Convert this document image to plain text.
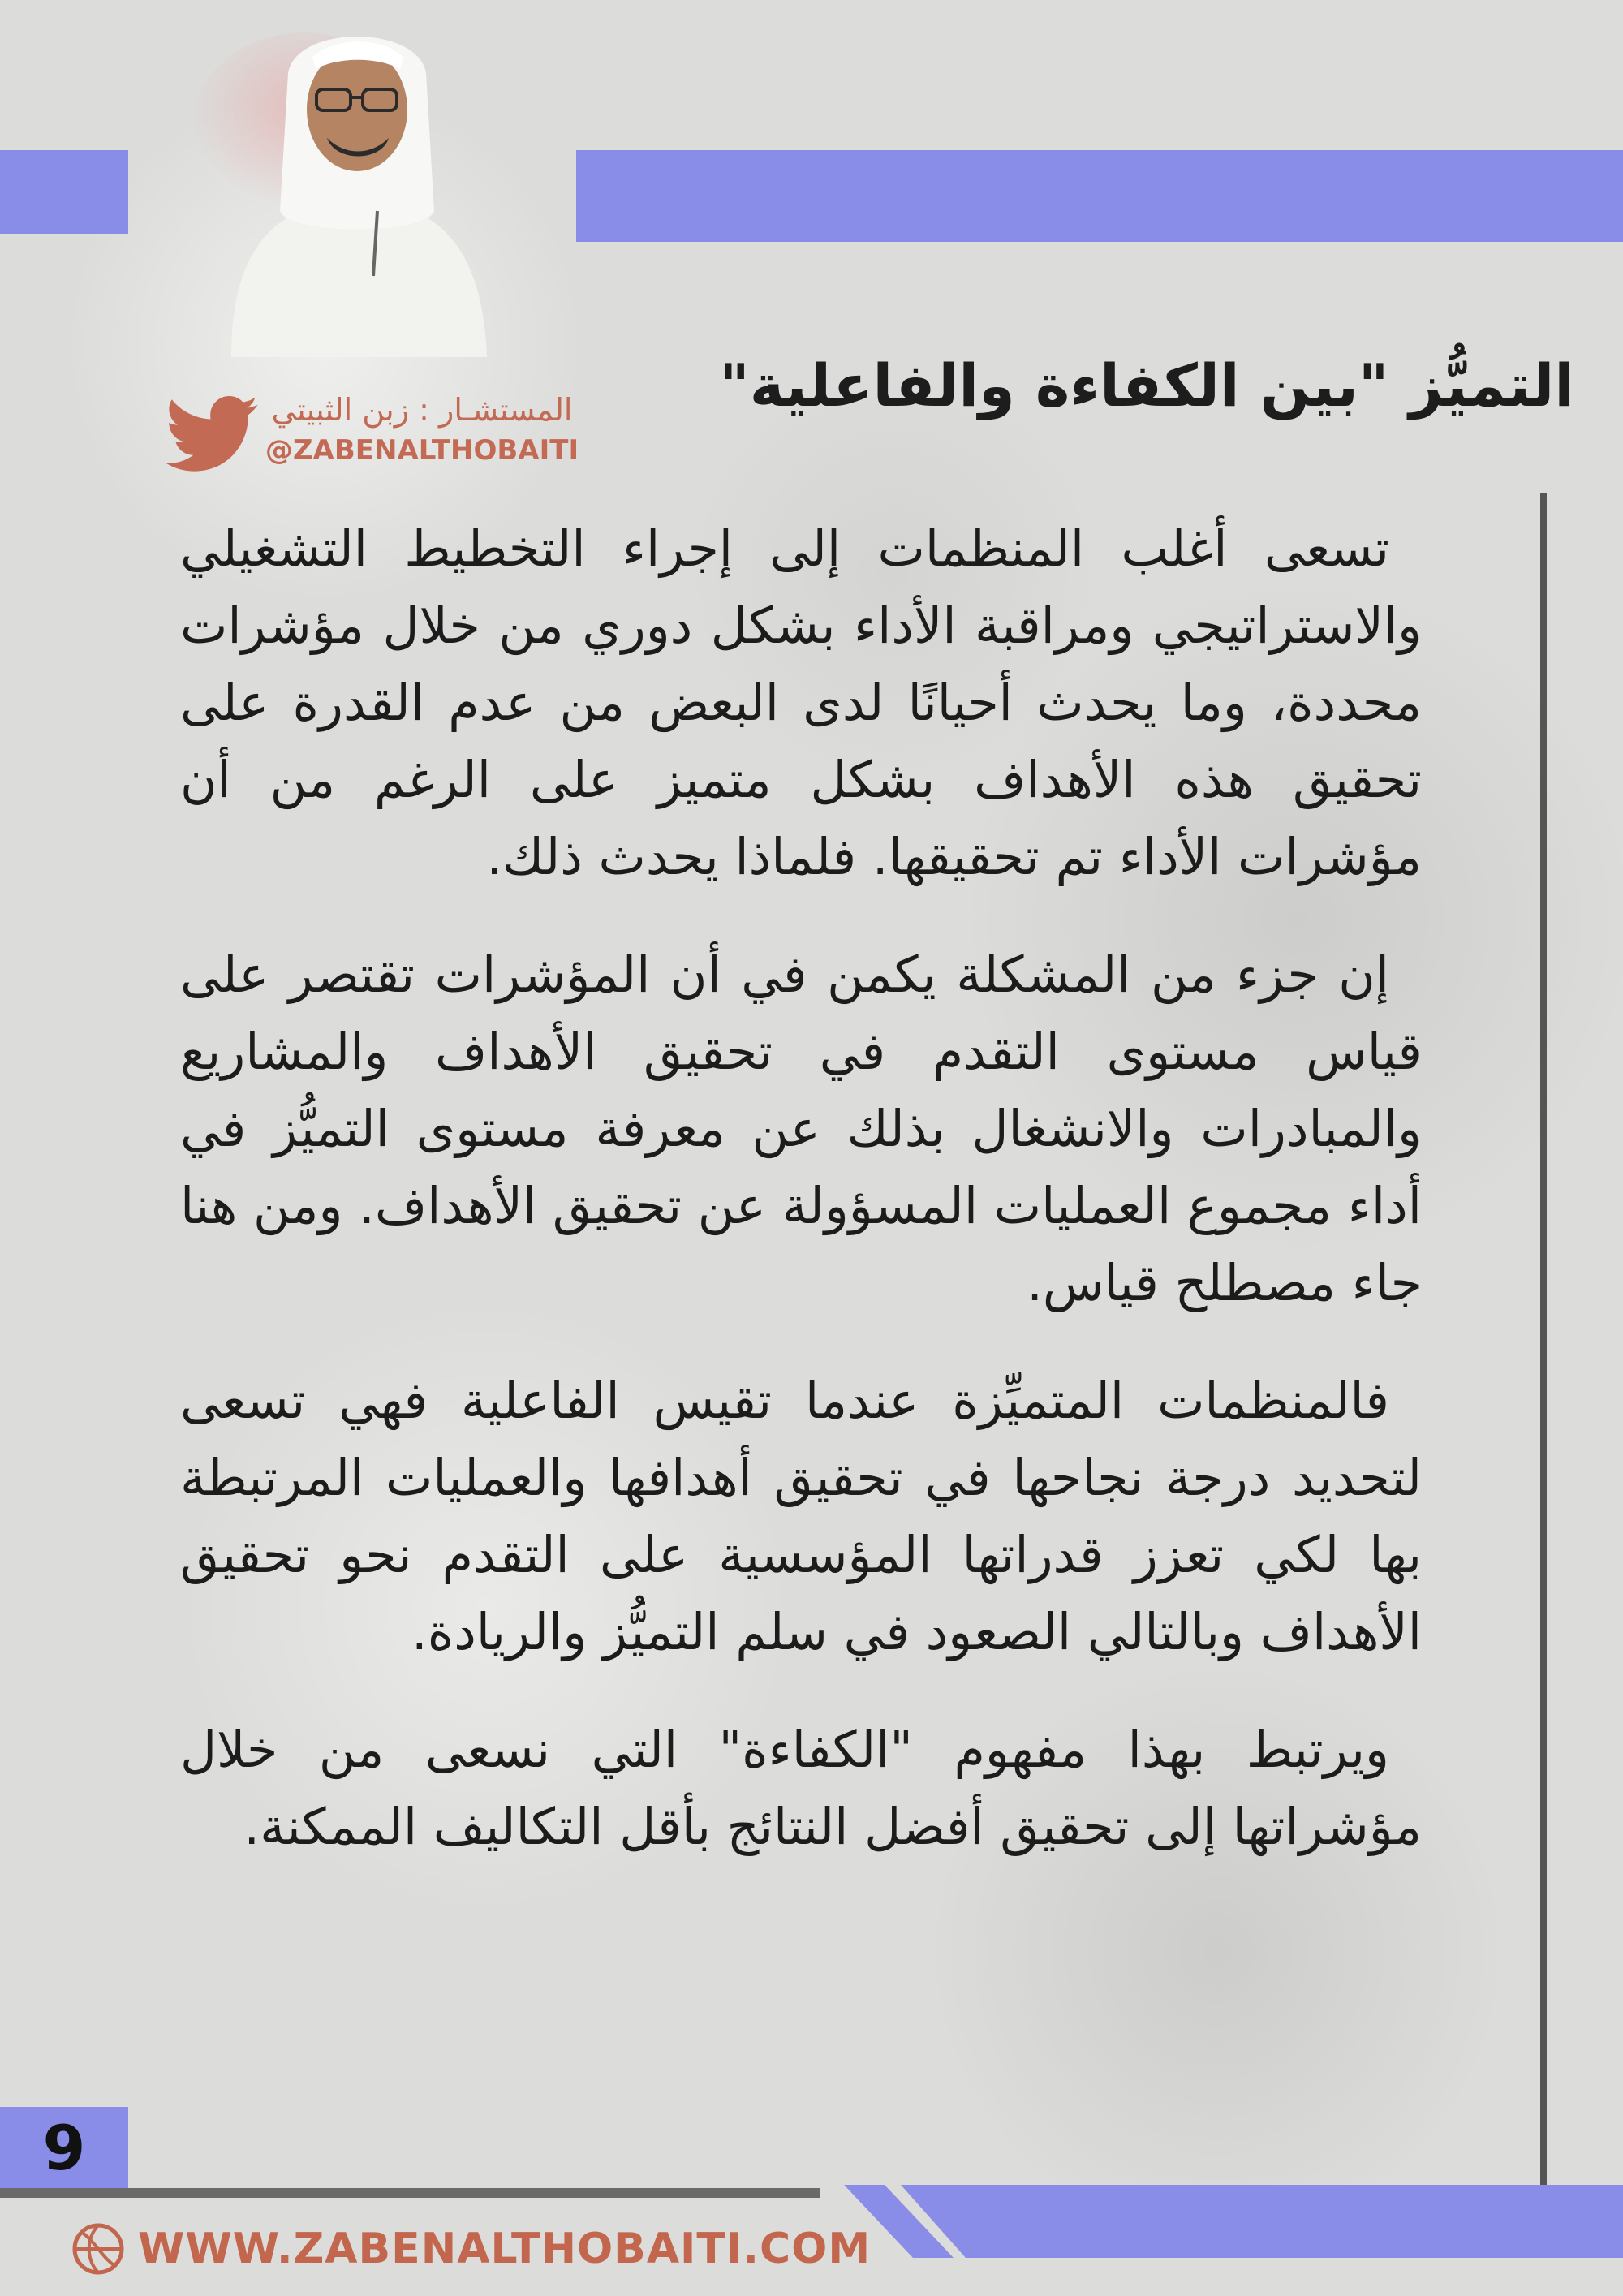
التميُّز "بين الكفاءة والفاعلية"
المستشـار : زبن الثبيتي
@ZABENALTHOBAITI

تسعى أغلب المنظمات إلى إجراء التخطيط التشغيلي والاستراتيجي ومراقبة الأداء بشكل دوري من خلال مؤشرات محددة، وما يحدث أحيانًا لدى البعض من عدم القدرة على تحقيق هذه الأهداف بشكل متميز على الرغم من أن مؤشرات الأداء تم تحقيقها. فلماذا يحدث ذلك.

إن جزء من المشكلة يكمن في أن المؤشرات تقتصر على قياس مستوى التقدم في تحقيق الأهداف والمشاريع والمبادرات والانشغال بذلك عن معرفة مستوى التميُّز في أداء مجموع العمليات المسؤولة عن تحقيق الأهداف. ومن هنا جاء مصطلح قياس.

فالمنظمات المتميِّزة عندما تقيس الفاعلية فهي تسعى لتحديد درجة نجاحها في تحقيق أهدافها والعمليات المرتبطة بها لكي تعزز قدراتها المؤسسية على التقدم نحو تحقيق الأهداف وبالتالي الصعود في سلم التميُّز والريادة.

ويرتبط بهذا مفهوم "الكفاءة" التي نسعى من خلال مؤشراتها إلى تحقيق أفضل النتائج بأقل التكاليف الممكنة.

9
WWW.ZABENALTHOBAITI.COM
